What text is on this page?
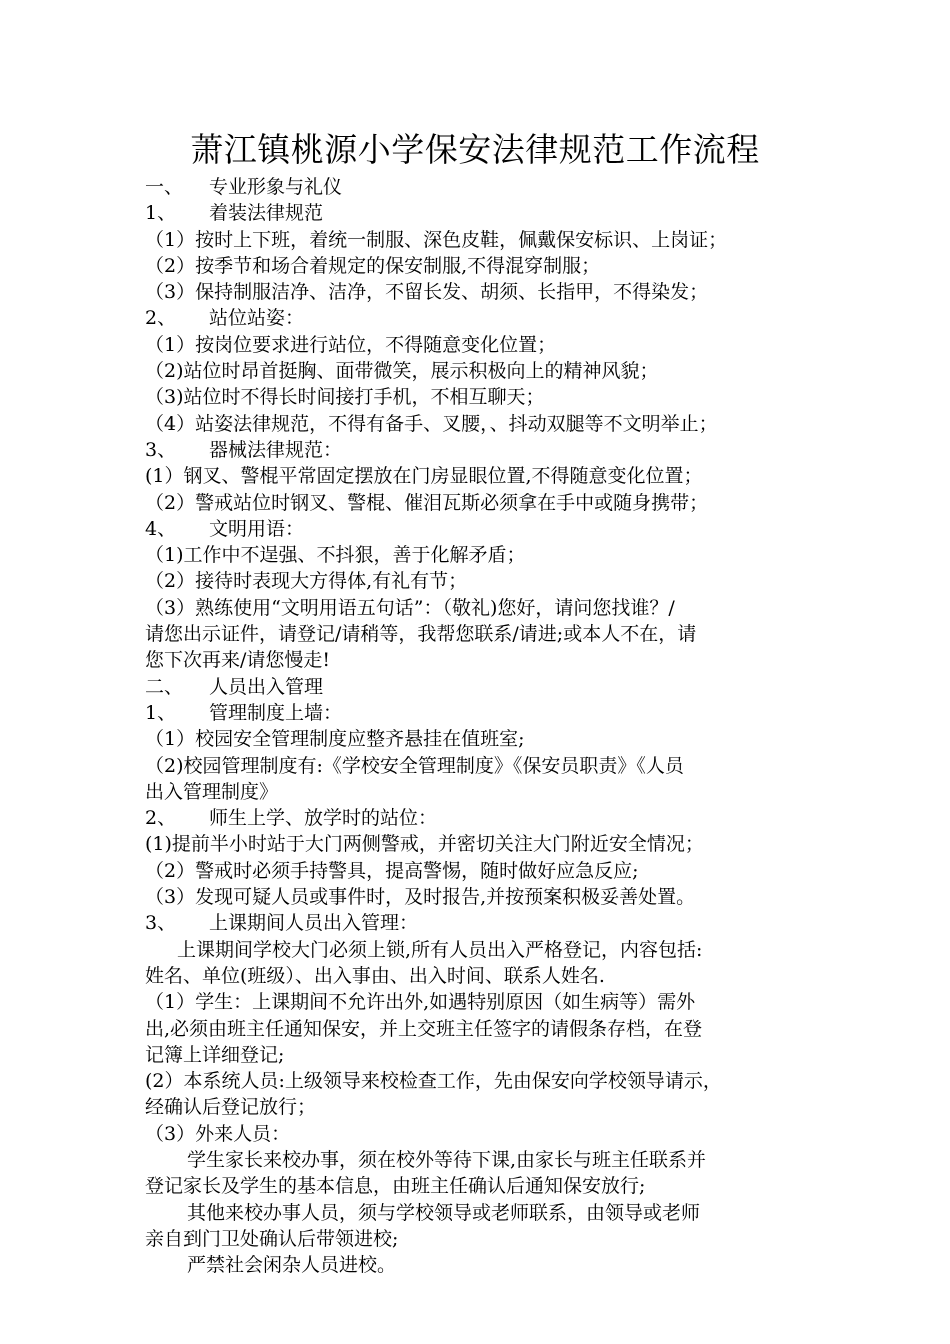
萧江镇桃源小学保安法律规范工作流程
一、 专业形象与礼仪
1、 着装法律规范
（1）按时上下班，着统一制服、深色皮鞋，佩戴保安标识、上岗证；
（2）按季节和场合着规定的保安制服,不得混穿制服；
（3）保持制服洁净、洁净，不留长发、胡须、长指甲，不得染发；
2、 站位站姿：
（1）按岗位要求进行站位，不得随意变化位置；
（2)站位时昂首挺胸、面带微笑，展示积极向上的精神风貌；
（3)站位时不得长时间接打手机，不相互聊天；
（4）站姿法律规范，不得有备手、叉腰，、抖动双腿等不文明举止；
3、 器械法律规范：
(1）钢叉、警棍平常固定摆放在门房显眼位置,不得随意变化位置；
（2）警戒站位时钢叉、警棍、催泪瓦斯必须拿在手中或随身携带；
4、 文明用语：
（1)工作中不逞强、不抖狠，善于化解矛盾；
（2）接待时表现大方得体,有礼有节；
（3）熟练使用“文明用语五句话”：（敬礼)您好，请问您找谁？/
请您出示证件，请登记/请稍等，我帮您联系/请进;或本人不在，请
您下次再来/请您慢走!
二、 人员出入管理
1、 管理制度上墙：
（1）校园安全管理制度应整齐悬挂在值班室;
（2)校园管理制度有:《学校安全管理制度》《保安员职责》《人员
出入管理制度》
2、 师生上学、放学时的站位：
(1)提前半小时站于大门两侧警戒，并密切关注大门附近安全情况；
（2）警戒时必须手持警具，提高警惕，随时做好应急反应;
（3）发现可疑人员或事件时，及时报告,并按预案积极妥善处置。
3、 上课期间人员出入管理：
上课期间学校大门必须上锁,所有人员出入严格登记，内容包括:
姓名、单位(班级）、出入事由、出入时间、联系人姓名.
（1）学生：上课期间不允许出外,如遇特别原因（如生病等）需外
出,必须由班主任通知保安，并上交班主任签字的请假条存档，在登
记簿上详细登记;
(2）本系统人员:上级领导来校检查工作，先由保安向学校领导请示，
经确认后登记放行；
（3）外来人员：
学生家长来校办事，须在校外等待下课,由家长与班主任联系并
登记家长及学生的基本信息，由班主任确认后通知保安放行;
其他来校办事人员，须与学校领导或老师联系，由领导或老师
亲自到门卫处确认后带领进校;
严禁社会闲杂人员进校。
